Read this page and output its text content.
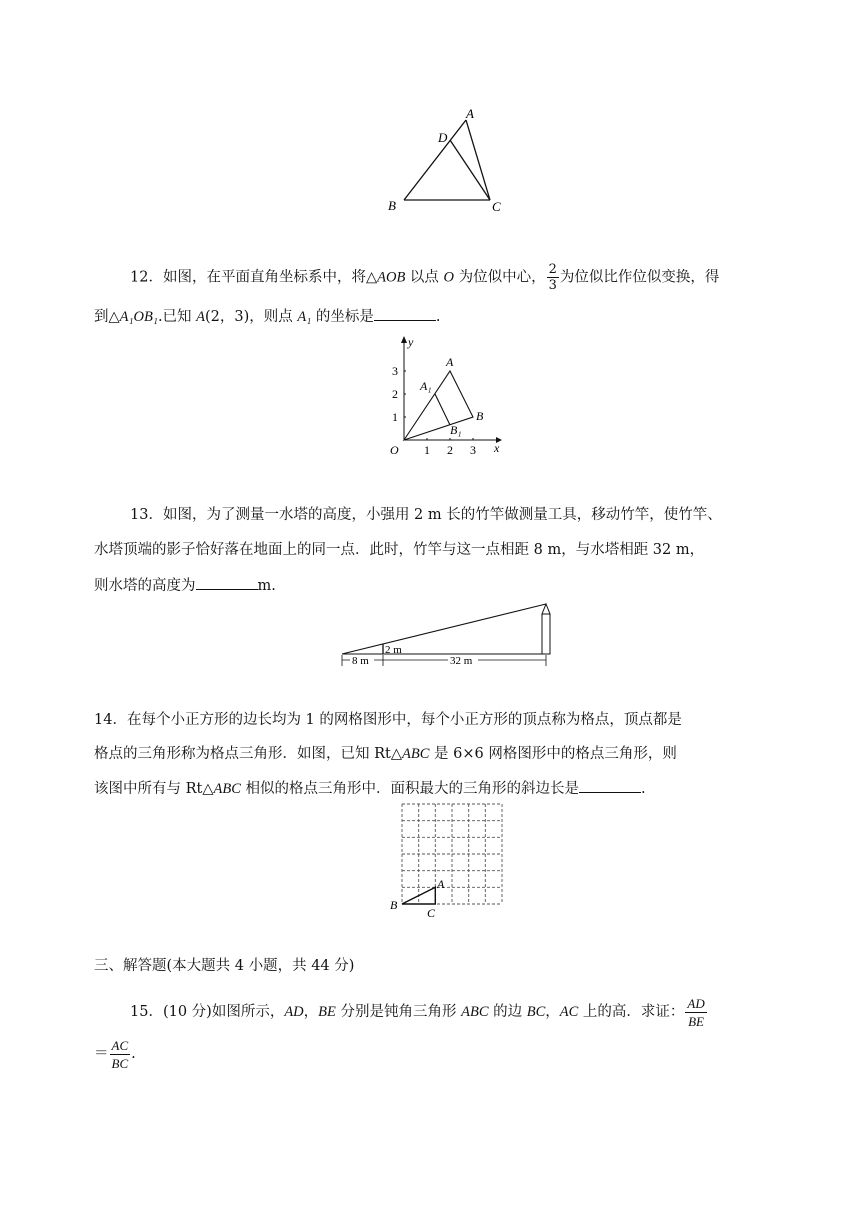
A
D
B	C
12．如图，在平面直角坐标系中，将△AOB 以点 O 为位似中心， $\frac{2}{3}$ 为位似比作位似变换，得
到△A₁OB₁.已知 A(2，3)，则点 A₁ 的坐标是	.
y
x
O 1 2 3
1
2
3
A
A₁
B
B₁
13．如图，为了测量一水塔的高度，小强用 2 m 长的竹竿做测量工具，移动竹竿，使竹竿、
水塔顶端的影子恰好落在地面上的同一点．此时，竹竿与这一点相距 8 m，与水塔相距 32 m，
则水塔的高度为	m.
2 m
8 m	32 m
14．在每个小正方形的边长均为 1 的网格图形中，每个小正方形的顶点称为格点，顶点都是
格点的三角形称为格点三角形．如图，已知 Rt△ABC 是 6×6 网格图形中的格点三角形，则
该图中所有与 Rt△ABC 相似的格点三角形中．面积最大的三角形的斜边长是	.
A
B
C
三、解答题(本大题共 4 小题，共 44 分)
15．(10 分)如图所示，AD，BE 分别是钝角三角形 ABC 的边 BC，AC 上的高．求证： $\frac{AD}{BE}$
＝ $\frac{AC}{BC}$ .
